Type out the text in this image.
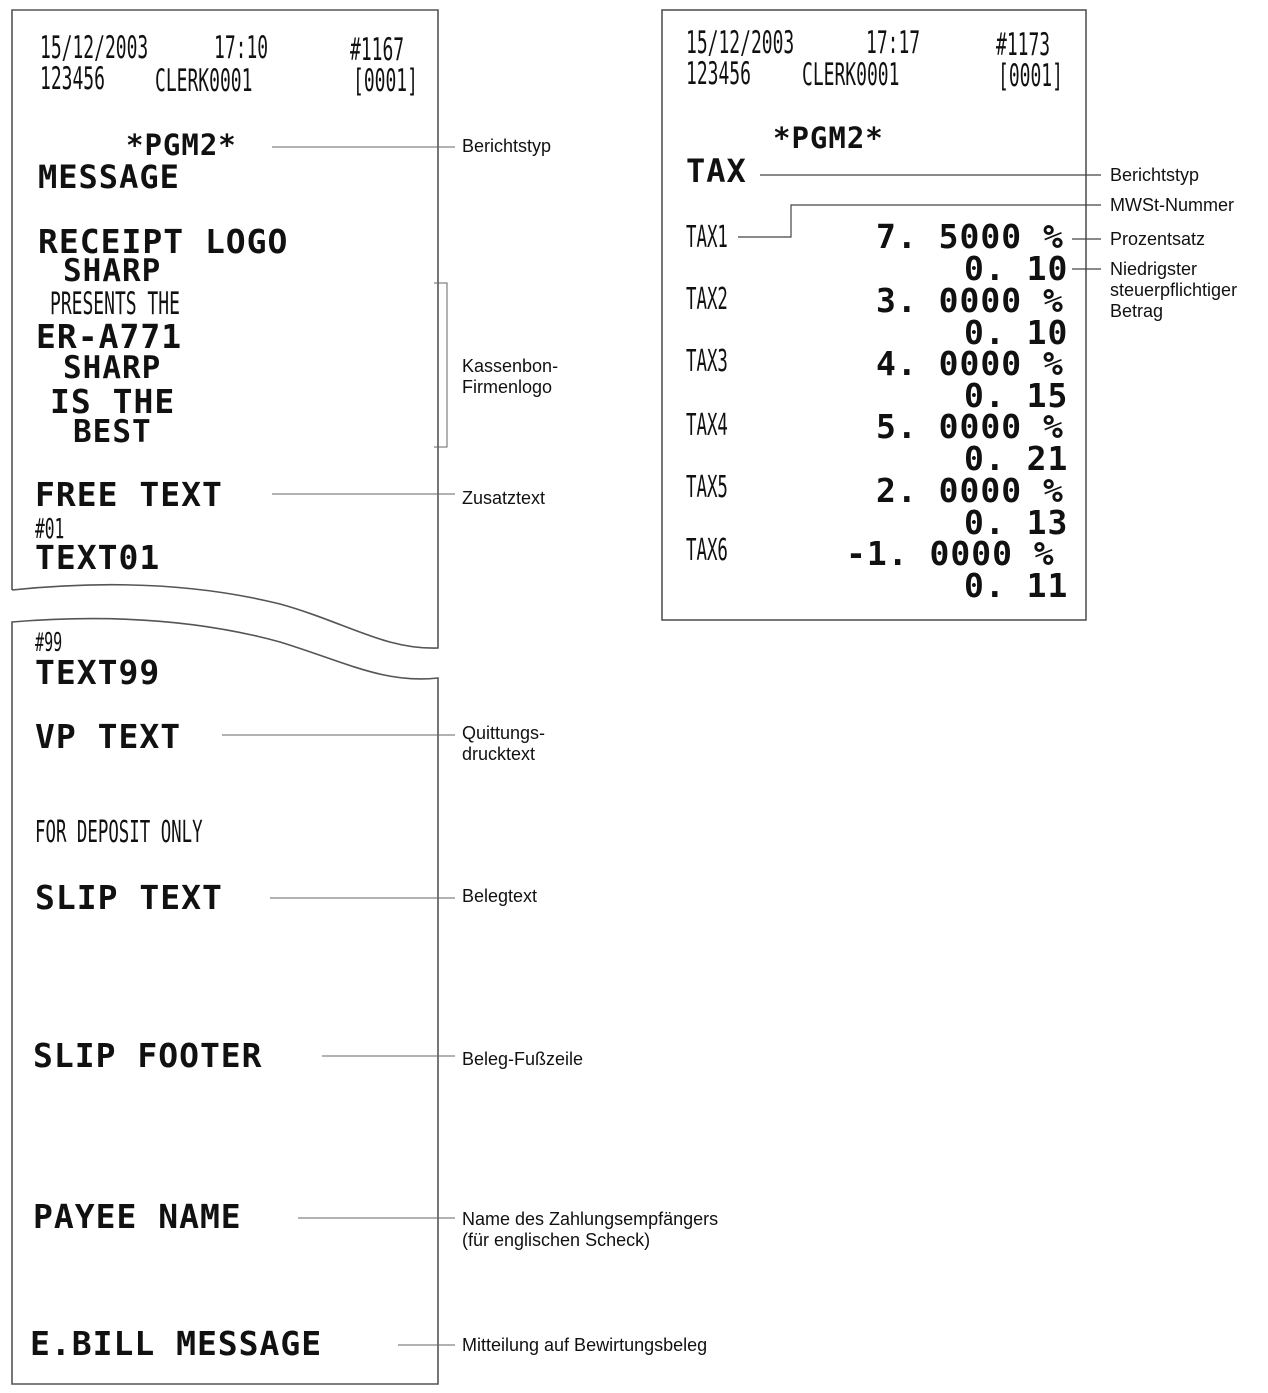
15/12/2003 17:10	#1167
123456 CLERK0001	[0001]
*PGM2*
MESSAGE
RECEIPT LOGO
SHARP
PRESENTS THE
ER-A771
SHARP
IS THE
BEST
FREE TEXT
#01
TEXT01
#99
TEXT99
VP TEXT
FOR DEPOSIT ONLY
SLIP TEXT
SLIP FOOTER
PAYEE NAME
E.BILL MESSAGE
Berichtstyp
Kassenbon-
Firmenlogo
Zusatztext
Quittungs-
drucktext
Belegtext
Beleg-Fußzeile
Name des Zahlungsempfängers
(für englischen Scheck)
Mitteilung auf Bewirtungsbeleg
15/12/2003 17:17 #1173
123456 CLERK0001	[0001]
*PGM2*
TAX
TAX1	7. 5000 %
0. 10
TAX2	3. 0000 %
0. 10
TAX3	4. 0000 %
0. 15
TAX4	5. 0000 %
0. 21
TAX5	2. 0000 %
0. 13
TAX6	-1. 0000 %
0. 11
Berichtstyp
MWSt-Nummer
Prozentsatz
Niedrigster
steuerpflichtiger
Betrag
